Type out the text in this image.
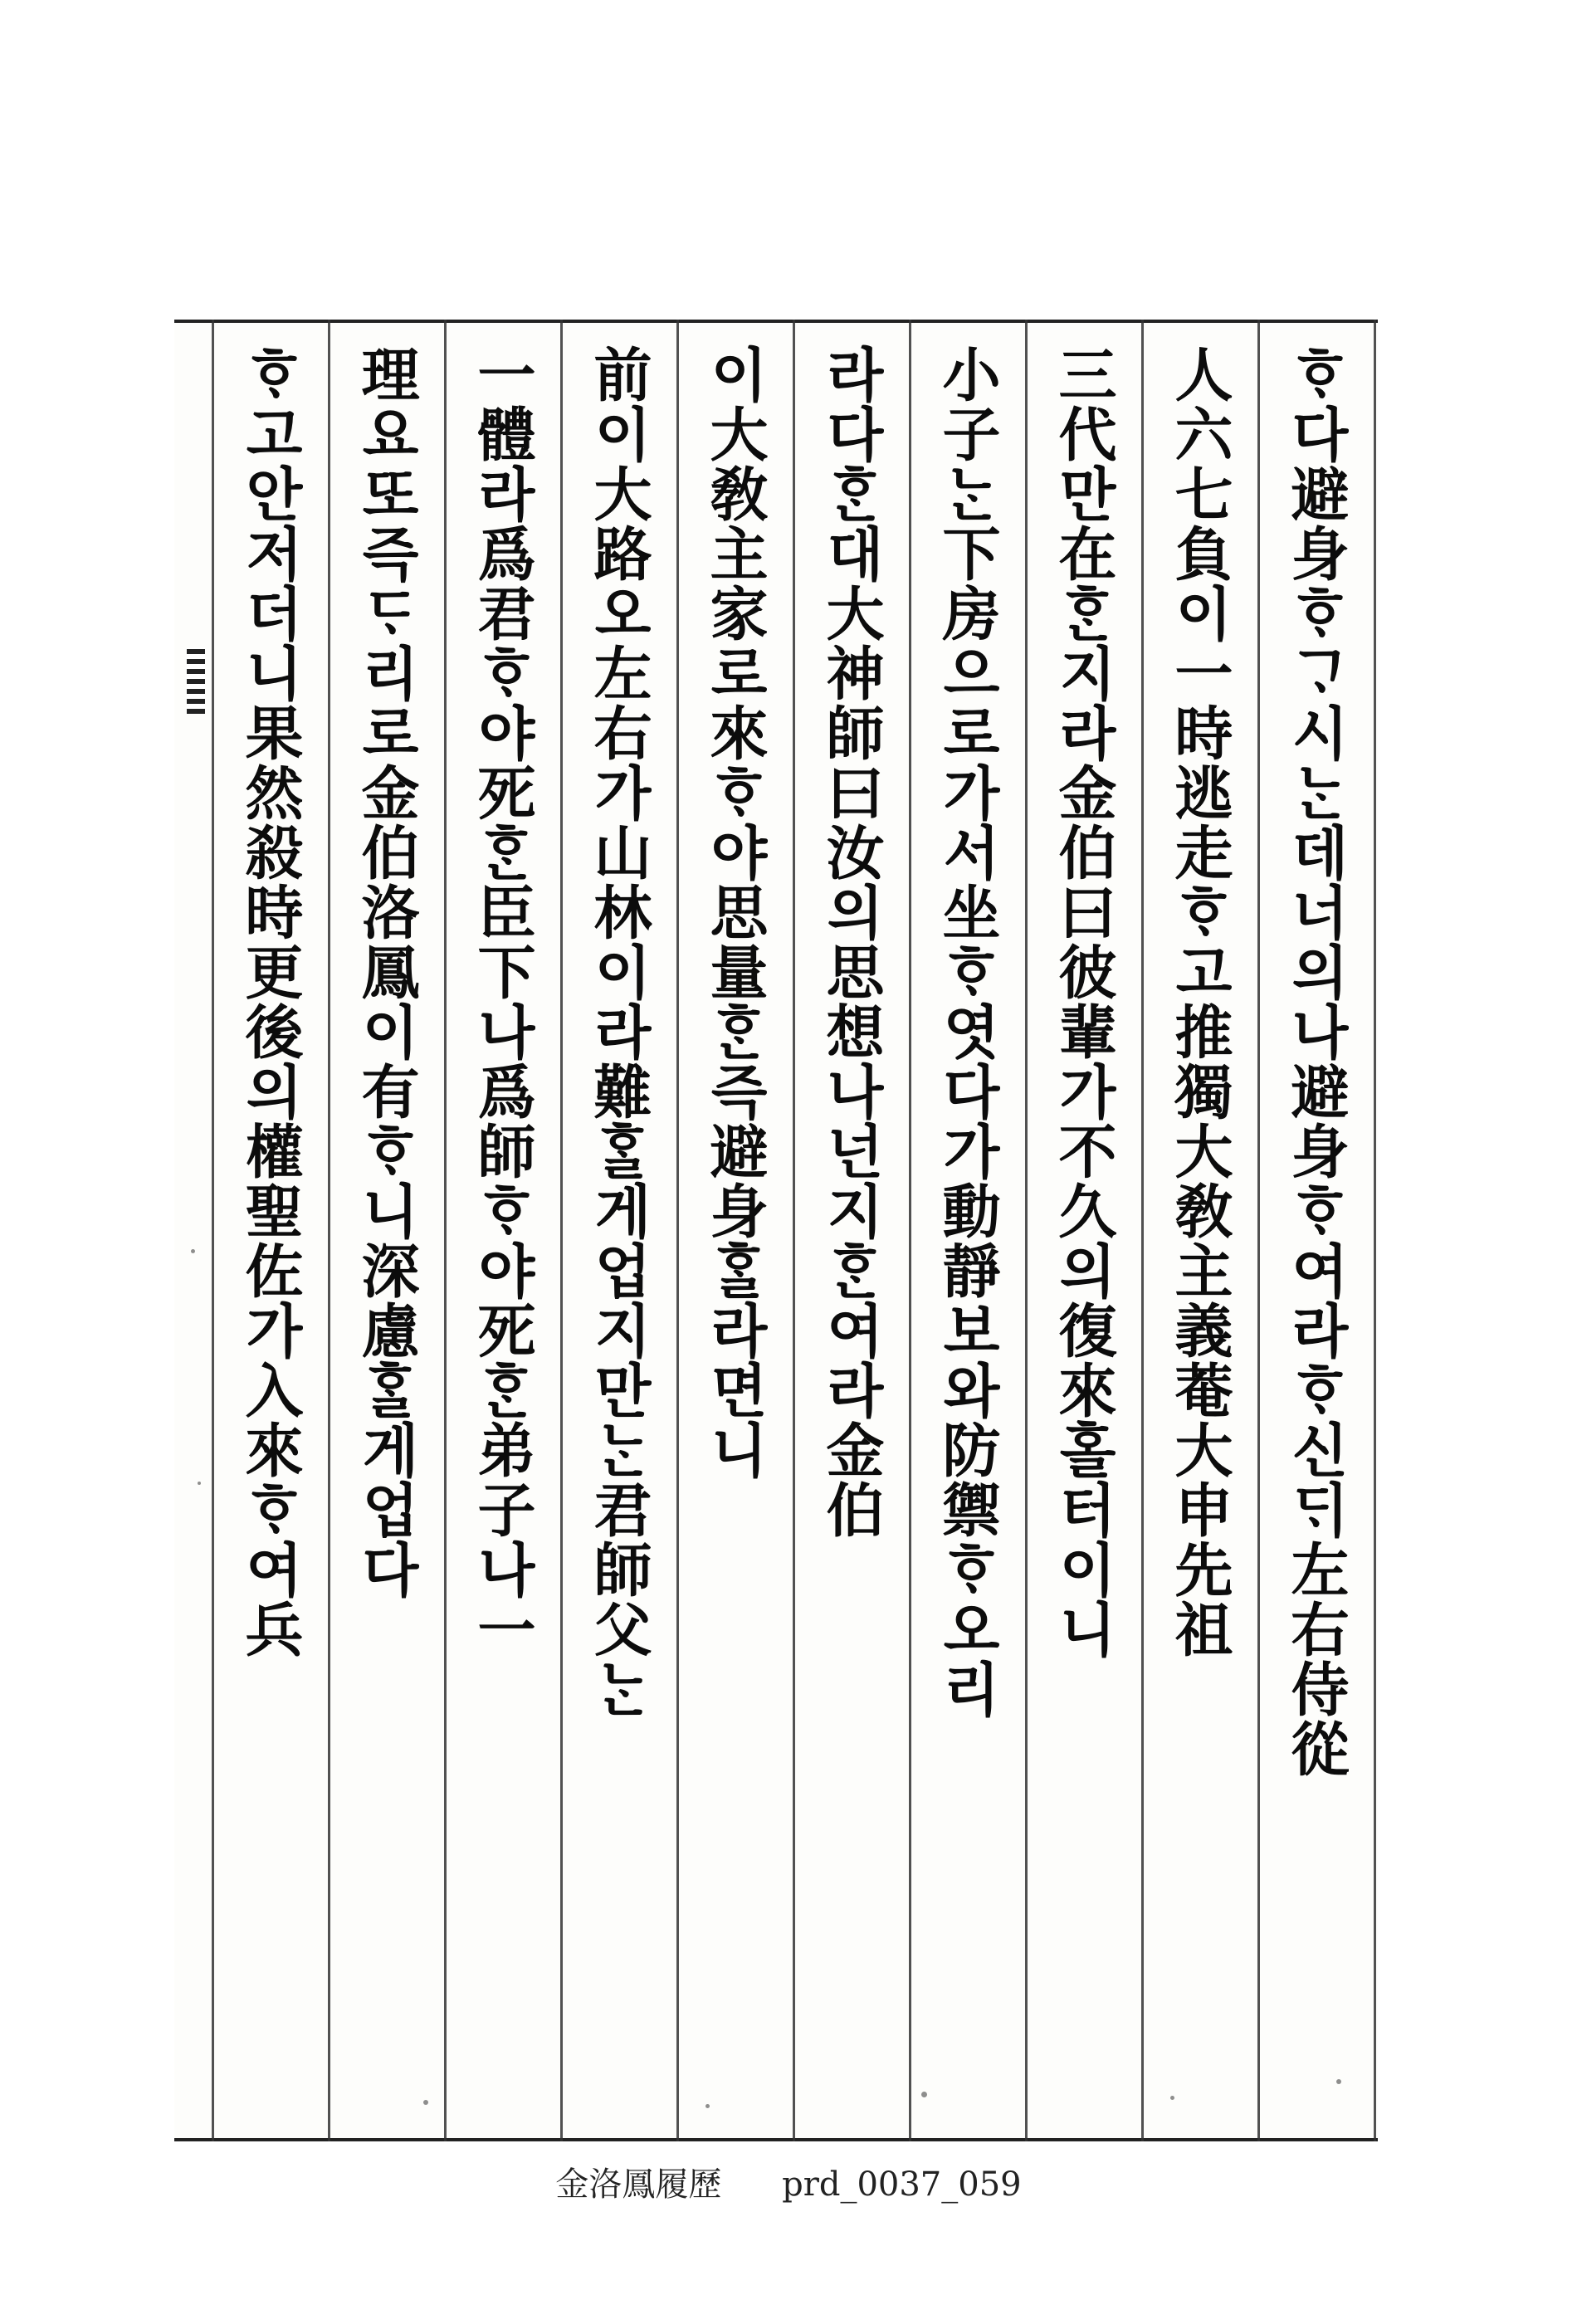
ᄒᆞ다避身ᄒᆞᄀᆞ시ᄂᆞᆫ데너의나避身ᄒᆞ여라ᄒᆞ신ᄃᆡ左右侍從
人六七負이一時逃走ᄒᆞ고推獨大敎主義菴大申先祖
三代만在ᄒᆞᆫ지라金伯曰彼輩가不久의復來홀터이니
小子ᄂᆞᆫ下房으로가서坐ᄒᆞ엿다가動靜보와防禦ᄒᆞ오리
라다ᄒᆞᆫ대大神師曰汝의思想나넌지ᄒᆞᆫ여라金伯
이大敎主家로來ᄒᆞ야思量ᄒᆞᆫ즉避身ᄒᆞᆯ라면니
前이大路오左右가山林이라難ᄒᆞᆯ게업지만ᄂᆞᆫ君師父ᄂᆞᆫ
一體라爲君ᄒᆞ야死ᄒᆞᆫ臣下나爲師ᄒᆞ야死ᄒᆞᆫ弟子나一
理요또즉ᄃᆞ리로金伯洛鳳이有ᄒᆞ니深慮ᄒᆞᆯ게업다
ᄒᆞ고안저더니果然殺時更後의權聖佐가入來ᄒᆞ여兵
金洛鳳履歷 prd_0037_059
